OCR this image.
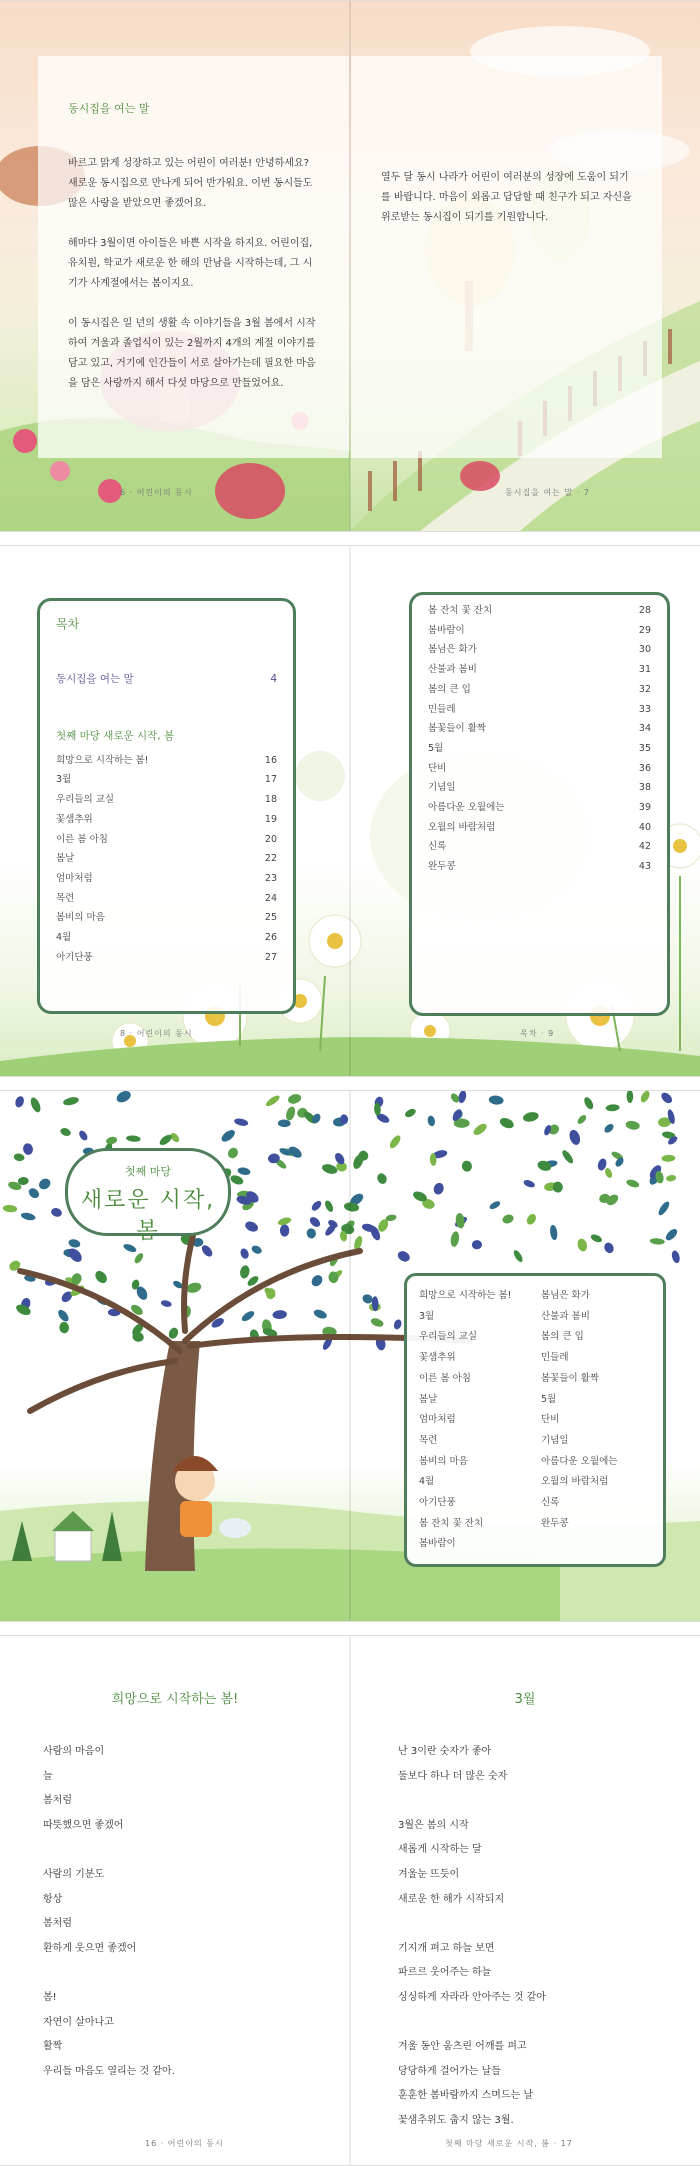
동시집을 여는 말

바르고 맑게 성장하고 있는 어린이 여러분! 안녕하세요? 새로운 동시집으로 만나게 되어 반가워요. 이번 동시들도 많은 사랑을 받았으면 좋겠어요.

해마다 3월이면 아이들은 바쁜 시작을 하지요. 어린이집, 유치원, 학교가 새로운 한 해의 만남을 시작하는데, 그 시기가 사계절에서는 봄이지요.

이 동시집은 일 년의 생활 속 이야기들을 3월 봄에서 시작하여 겨울과 졸업식이 있는 2월까지 4개의 계절 이야기를 담고 있고, 거기에 인간들이 서로 살아가는데 필요한 마음을 담은 사랑까지 해서 다섯 마당으로 만들었어요.

열두 달 동시 나라가 어린이 여러분의 성장에 도움이 되기를 바랍니다. 마음이 외롭고 답답할 때 친구가 되고 자신을 위로받는 동시집이 되기를 기원합니다.

6 · 어린이의 동시	동시집을 여는 말 · 7
목차
동시집을 여는 말	4
첫째 마당 새로운 시작, 봄
희망으로 시작하는 봄!	16
3월	17
우리들의 교실	18
꽃샘추위	19
이른 봄 아침	20
봄날	22
엄마처럼	23
목련	24
봄비의 마음	25
4월	26
아기단풍	27
봄 잔치 꽃 잔치	28
봄바람이	29
봄님은 화가	30
산불과 봄비	31
봄의 큰 입	32
민들레	33
봄꽃들이 활짝	34
5월	35
단비	36
기념일	38
아름다운 오월에는	39
오월의 바람처럼	40
신록	42
완두콩	43
8 · 어린이의 동시	목차 · 9
첫째 마당
새로운 시작, 봄
희망으로 시작하는 봄!
3월
우리들의 교실
꽃샘추위
이른 봄 아침
봄날
엄마처럼
목련
봄비의 마음
4월
아기단풍
봄 잔치 꽃 잔치
봄바람이
봄님은 화가
산불과 봄비
봄의 큰 입
민들레
봄꽃들이 활짝
5월
단비
기념일
아름다운 오월에는
오월의 바람처럼
신록
완두콩
희망으로 시작하는 봄!	3월
사람의 마음이
늘
봄처럼
따뜻했으면 좋겠어
사람의 기분도
항상
봄처럼
환하게 웃으면 좋겠어
봄!
자연이 살아나고
활짝
우리들 마음도 열리는 것 같아.
난 3이란 숫자가 좋아
둘보다 하나 더 많은 숫자
3월은 봄의 시작
새롭게 시작하는 달
겨울눈 뜨듯이
새로운 한 해가 시작되지
기지개 펴고 하늘 보면
파르르 웃어주는 하늘
싱싱하게 자라라 안아주는 것 같아
겨울 동안 움츠린 어깨를 펴고
당당하게 걸어가는 날들
훈훈한 봄바람까지 스며드는 날
꽃샘추위도 춥지 않는 3월.
16 · 어린이의 동시	첫째 마당 새로운 시작, 봄 · 17
